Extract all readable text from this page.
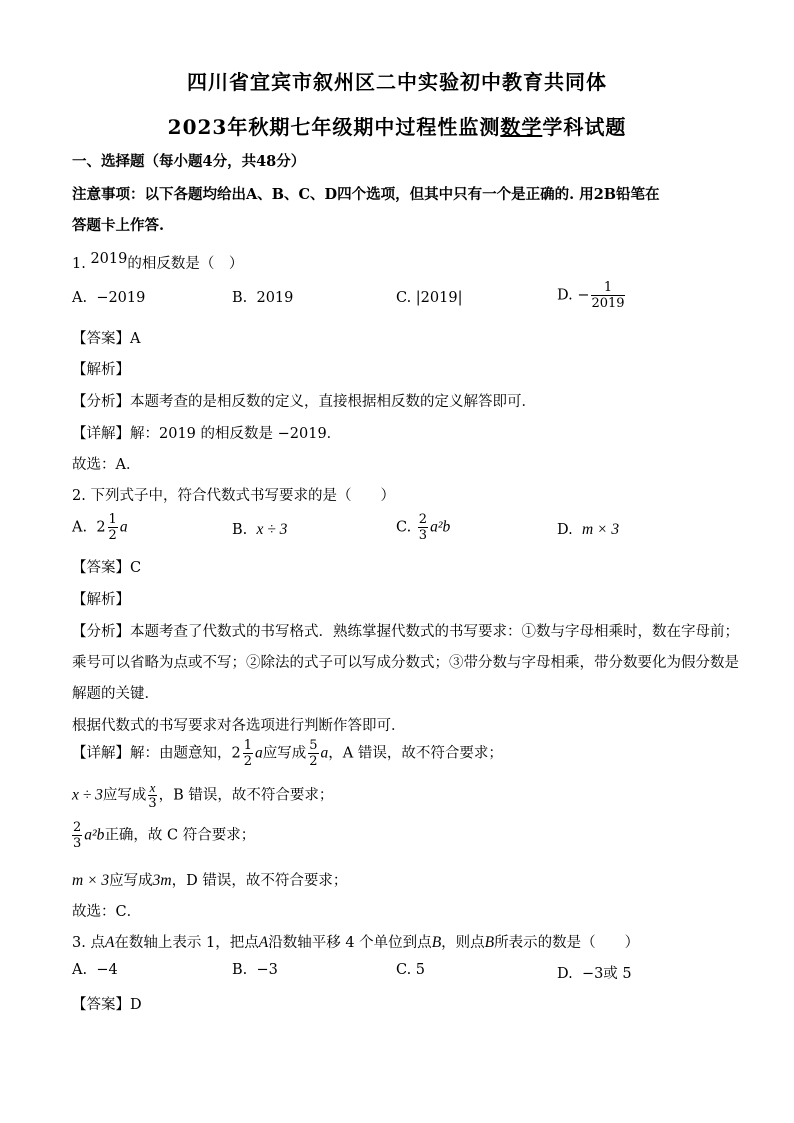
四川省宜宾市叙州区二中实验初中教育共同体
2023年秋期七年级期中过程性监测数学学科试题
一、选择题（每小题4分，共48分）
注意事项：以下各题均给出A、B、C、D四个选项，但其中只有一个是正确的. 用2B铅笔在
答题卡上作答.
1. 2019的相反数是（　）
A. −2019	B. 2019	C. |2019|	D. − $\frac{1}{2019}$
【答案】A
【解析】
【分析】本题考查的是相反数的定义，直接根据相反数的定义解答即可．
【详解】解：2019 的相反数是 −2019．
故选：A．
2. 下列式子中，符合代数式书写要求的是（　　）
A. $2 \frac{1}{2}$ a	B. x ÷ 3	C. $\frac{2}{3} a^2b$	D. m × 3
【答案】C
【解析】
【分析】本题考查了代数式的书写格式．熟练掌握代数式的书写要求：①数与字母相乘时，数在字母前；
乘号可以省略为点或不写；②除法的式子可以写成分数式；③带分数与字母相乘，带分数要化为假分数是
解题的关键．
根据代数式的书写要求对各选项进行判断作答即可．
【详解】解：由题意知，$2 \frac{1}{2}$ a应写成 $\frac{5}{2}$ a，A 错误，故不符合要求；
x ÷ 3应写成 $\frac{x}{3}$ ，B 错误，故不符合要求；
$\frac{2}{3} a^2b$正确，故 C 符合要求；
m × 3应写成3m，D 错误，故不符合要求；
故选：C．
3. 点A在数轴上表示 1，把点A沿数轴平移 4 个单位到点B，则点B所表示的数是（　　）
A. −4	B. −3	C. 5	D. −3或 5
【答案】D
